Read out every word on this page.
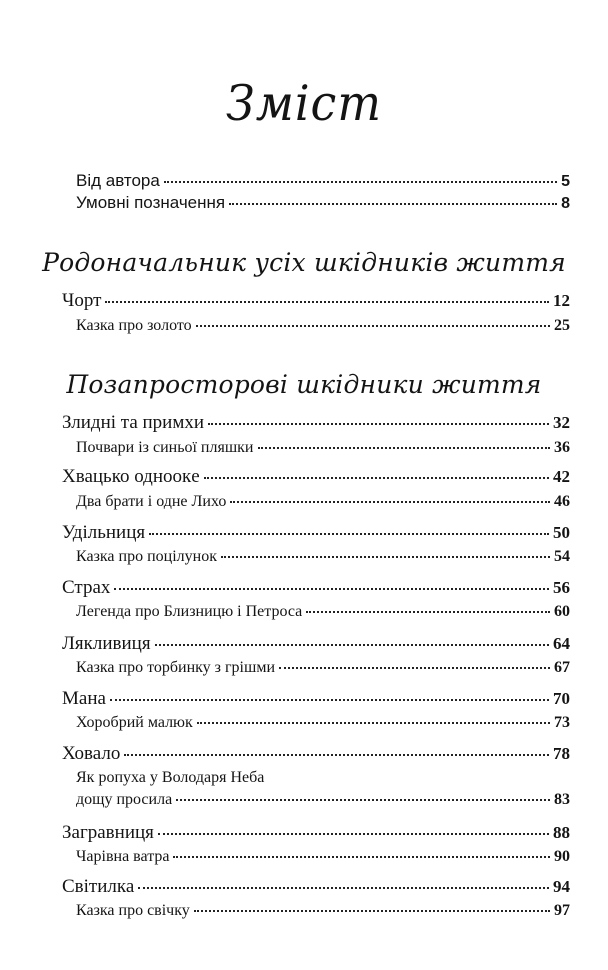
Зміст
Від автора	5
Умовні позначення	8
Родоначальник усіх шкідників життя
Чорт	12
Казка про золото	25
Позапросторові шкідники життя
Злидні та примхи	32
Почвари із синьої пляшки	36
Хвацько одноокe	42
Два брати і одне Лихо	46
Удільниця	50
Казка про поцілунок	54
Страх	56
Легенда про Близницю і Петроса	60
Лякливиця	64
Казка про торбинку з грішми	67
Мана	70
Хоробрий малюк	73
Ховало	78
Як ропуха у Володаря Неба
дощу просила	83
Загравниця	88
Чарівна ватра	90
Світилка	94
Казка про свічку	97
